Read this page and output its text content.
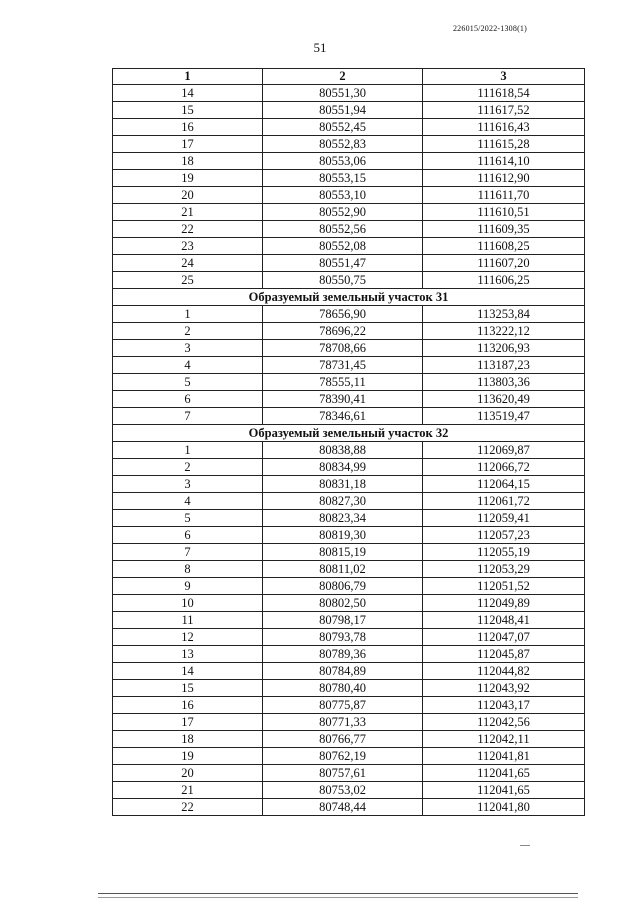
226015/2022-1308(1)
51
1	2	3
14	80551,30	111618,54
15	80551,94	111617,52
16	80552,45	111616,43
17	80552,83	111615,28
18	80553,06	111614,10
19	80553,15	111612,90
20	80553,10	111611,70
21	80552,90	111610,51
22	80552,56	111609,35
23	80552,08	111608,25
24	80551,47	111607,20
25	80550,75	111606,25
Образуемый земельный участок 31		
1	78656,90	113253,84
2	78696,22	113222,12
3	78708,66	113206,93
4	78731,45	113187,23
5	78555,11	113803,36
6	78390,41	113620,49
7	78346,61	113519,47
Образуемый земельный участок 32		
1	80838,88	112069,87
2	80834,99	112066,72
3	80831,18	112064,15
4	80827,30	112061,72
5	80823,34	112059,41
6	80819,30	112057,23
7	80815,19	112055,19
8	80811,02	112053,29
9	80806,79	112051,52
10	80802,50	112049,89
11	80798,17	112048,41
12	80793,78	112047,07
13	80789,36	112045,87
14	80784,89	112044,82
15	80780,40	112043,92
16	80775,87	112043,17
17	80771,33	112042,56
18	80766,77	112042,11
19	80762,19	112041,81
20	80757,61	112041,65
21	80753,02	112041,65
22	80748,44	112041,80
